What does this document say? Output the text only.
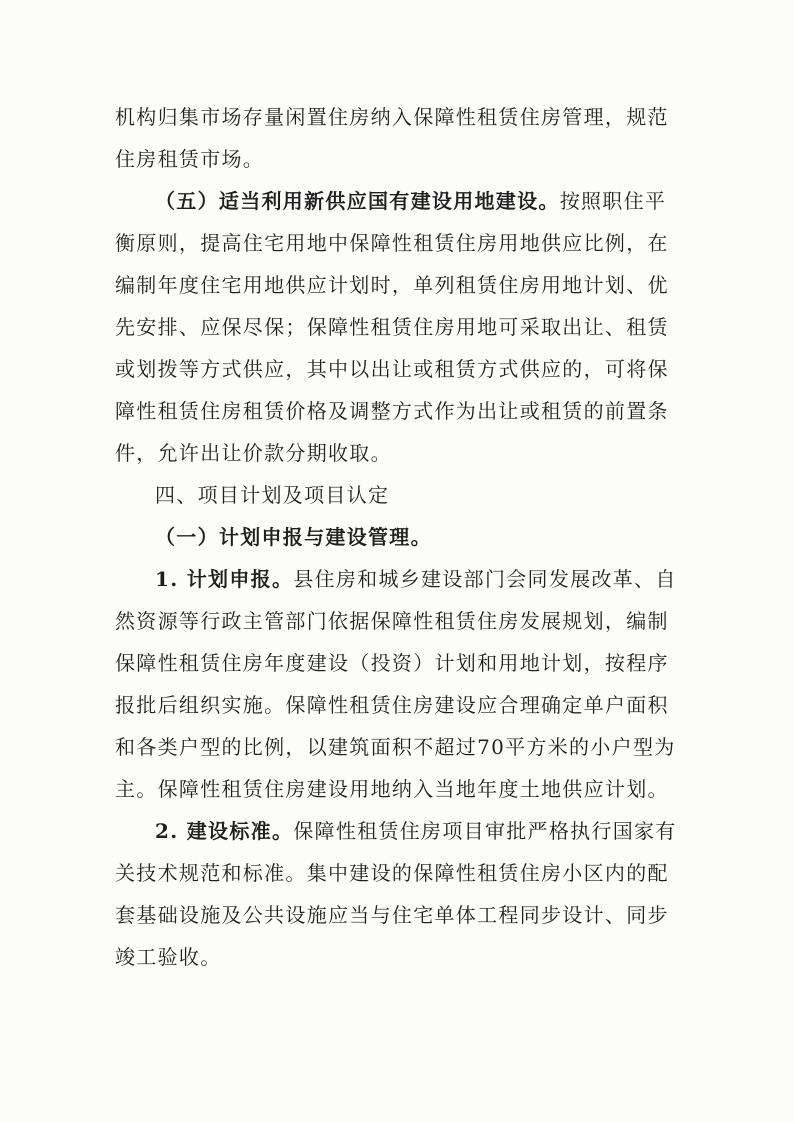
机构归集市场存量闲置住房纳入保障性租赁住房管理，规范住房租赁市场。

（五）适当利用新供应国有建设用地建设。按照职住平衡原则，提高住宅用地中保障性租赁住房用地供应比例，在编制年度住宅用地供应计划时，单列租赁住房用地计划、优先安排、应保尽保；保障性租赁住房用地可采取出让、租赁或划拨等方式供应，其中以出让或租赁方式供应的，可将保障性租赁住房租赁价格及调整方式作为出让或租赁的前置条件，允许出让价款分期收取。

四、项目计划及项目认定

（一）计划申报与建设管理。

1. 计划申报。县住房和城乡建设部门会同发展改革、自然资源等行政主管部门依据保障性租赁住房发展规划，编制保障性租赁住房年度建设（投资）计划和用地计划，按程序报批后组织实施。保障性租赁住房建设应合理确定单户面积和各类户型的比例，以建筑面积不超过70平方米的小户型为主。保障性租赁住房建设用地纳入当地年度土地供应计划。

2. 建设标准。保障性租赁住房项目审批严格执行国家有关技术规范和标准。集中建设的保障性租赁住房小区内的配套基础设施及公共设施应当与住宅单体工程同步设计、同步竣工验收。
